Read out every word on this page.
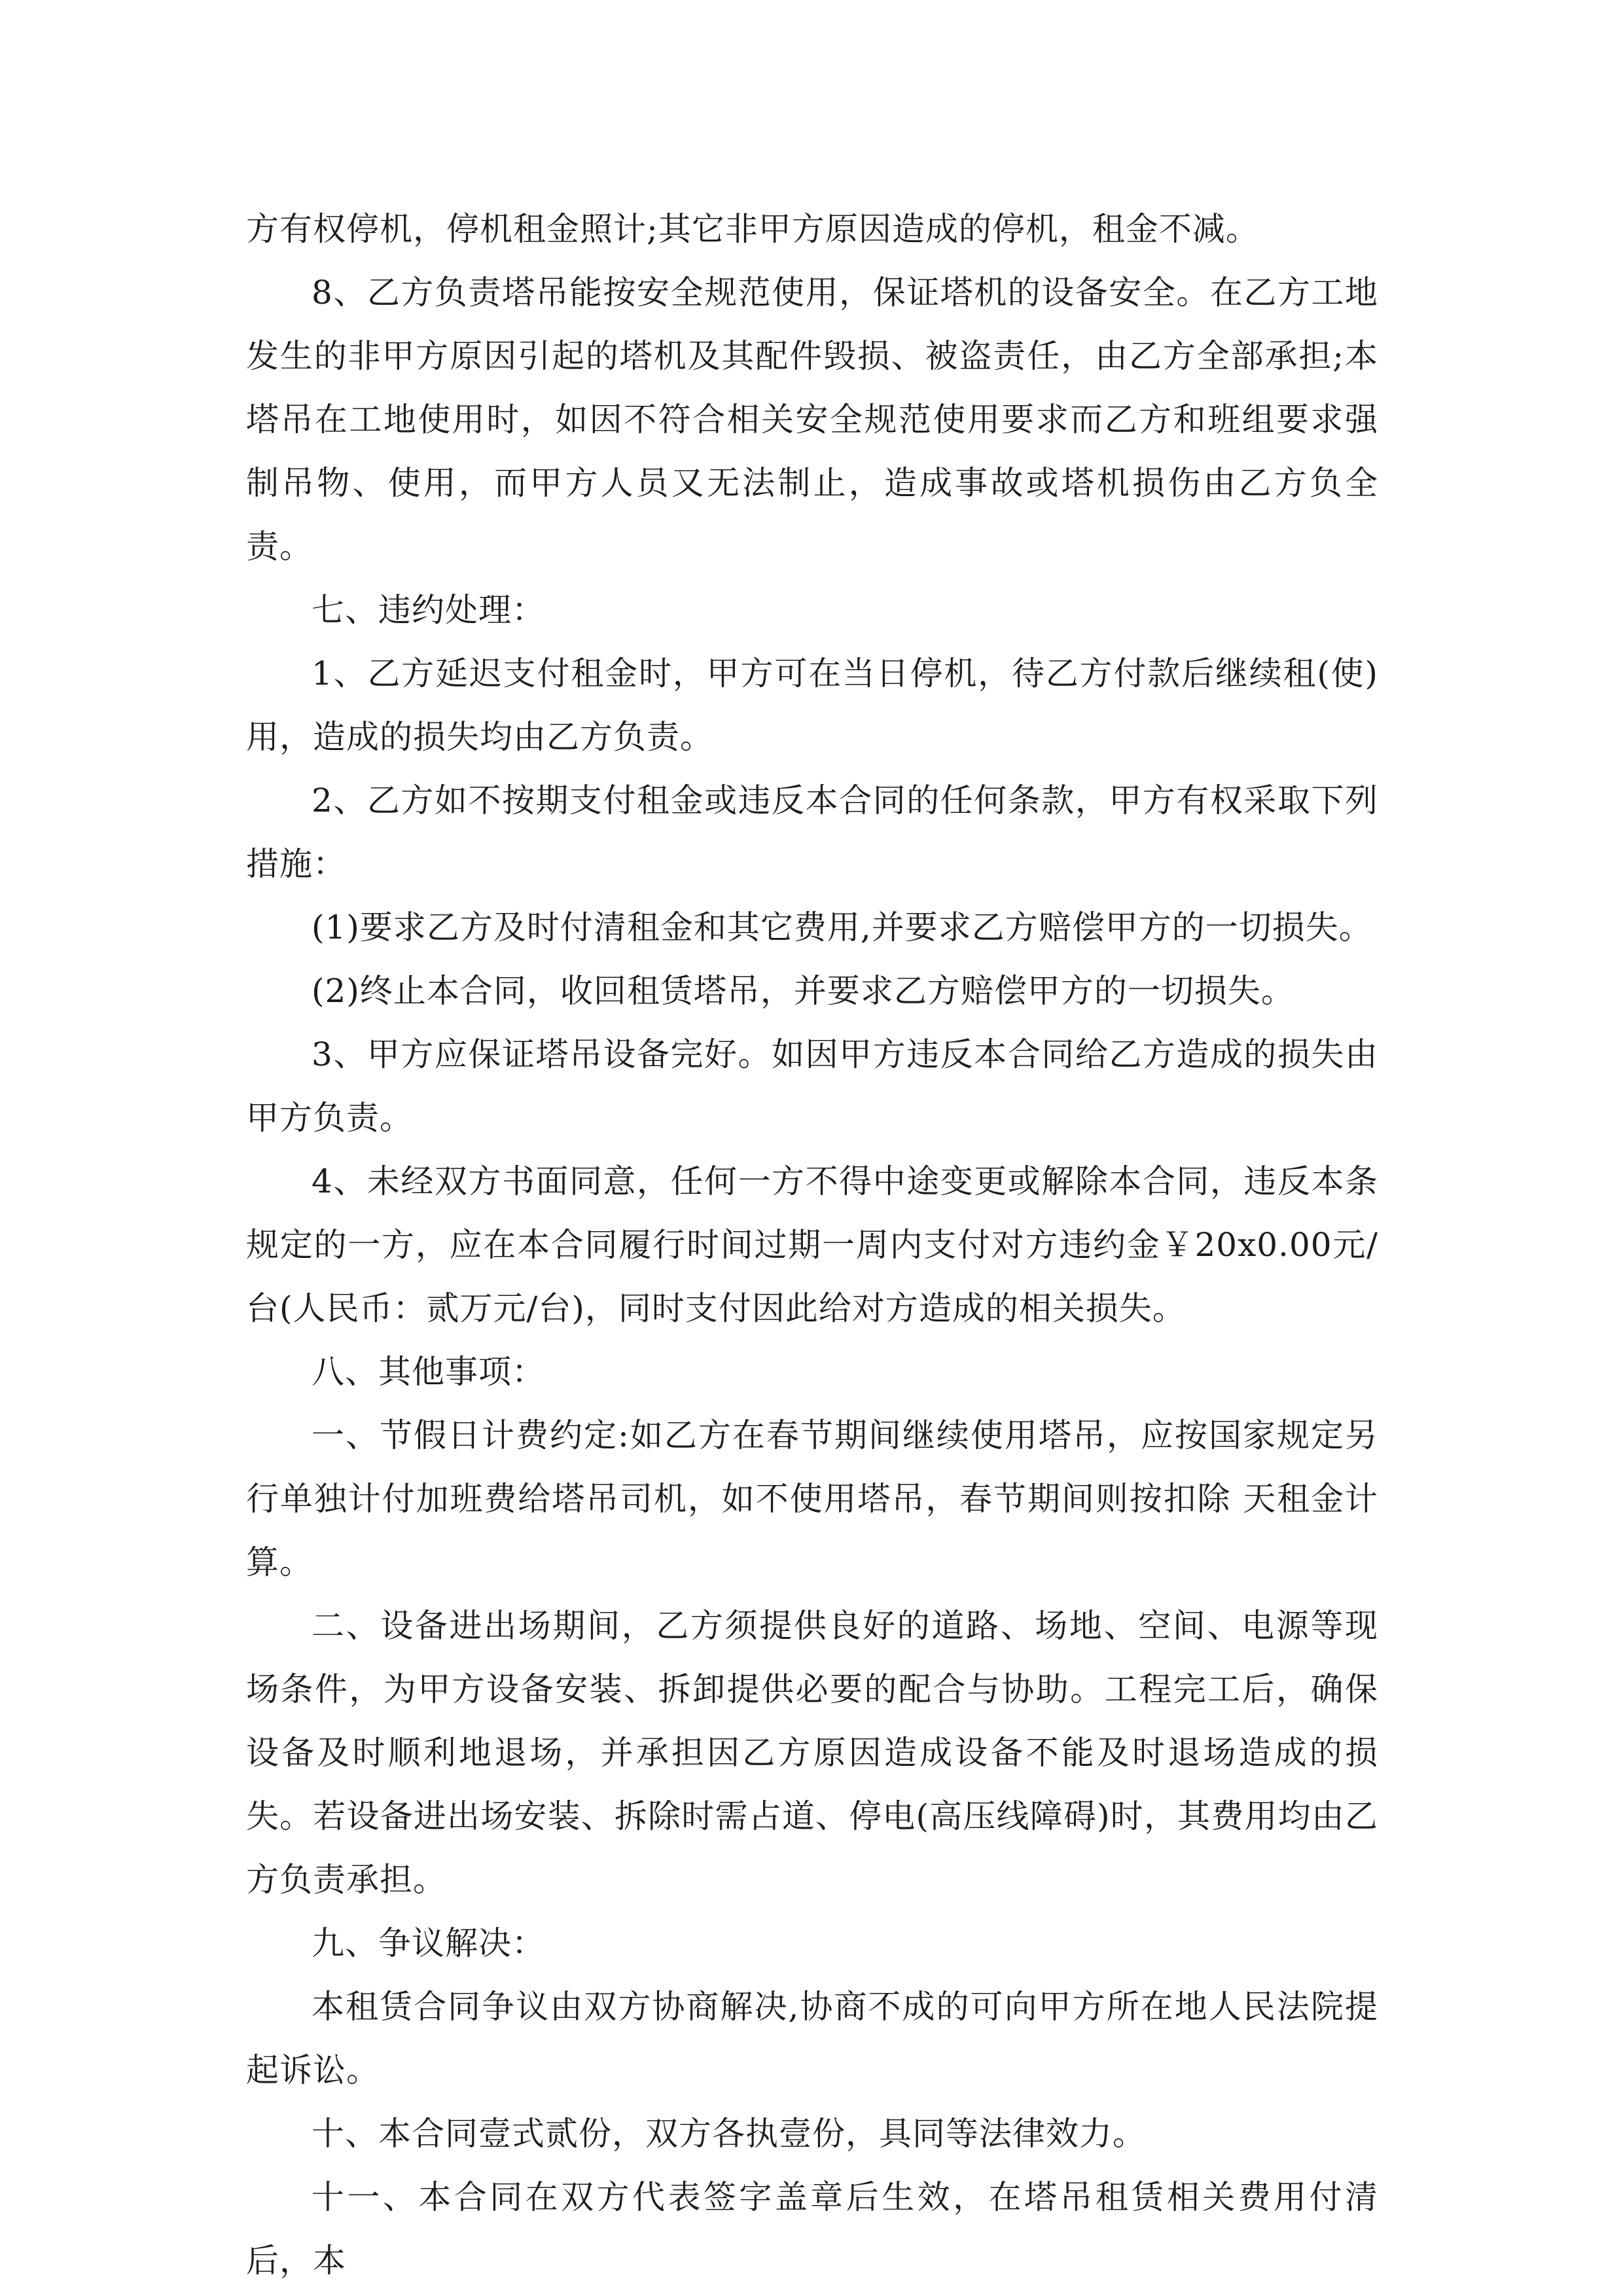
方有权停机，停机租金照计;其它非甲方原因造成的停机，租金不减。

8、乙方负责塔吊能按安全规范使用，保证塔机的设备安全。在乙方工地发生的非甲方原因引起的塔机及其配件毁损、被盗责任，由乙方全部承担;本塔吊在工地使用时，如因不符合相关安全规范使用要求而乙方和班组要求强制吊物、使用，而甲方人员又无法制止，造成事故或塔机损伤由乙方负全责。

七、违约处理：

1、乙方延迟支付租金时，甲方可在当日停机，待乙方付款后继续租(使)用，造成的损失均由乙方负责。

2、乙方如不按期支付租金或违反本合同的任何条款，甲方有权采取下列措施：

(1)要求乙方及时付清租金和其它费用,并要求乙方赔偿甲方的一切损失。

(2)终止本合同，收回租赁塔吊，并要求乙方赔偿甲方的一切损失。

3、甲方应保证塔吊设备完好。如因甲方违反本合同给乙方造成的损失由甲方负责。

4、未经双方书面同意，任何一方不得中途变更或解除本合同，违反本条规定的一方，应在本合同履行时间过期一周内支付对方违约金￥20x0.00元/台(人民币：贰万元/台)，同时支付因此给对方造成的相关损失。

八、其他事项：

一、节假日计费约定:如乙方在春节期间继续使用塔吊，应按国家规定另行单独计付加班费给塔吊司机，如不使用塔吊，春节期间则按扣除 天租金计算。

二、设备进出场期间，乙方须提供良好的道路、场地、空间、电源等现场条件，为甲方设备安装、拆卸提供必要的配合与协助。工程完工后，确保设备及时顺利地退场，并承担因乙方原因造成设备不能及时退场造成的损失。若设备进出场安装、拆除时需占道、停电(高压线障碍)时，其费用均由乙方负责承担。

九、争议解决：

本租赁合同争议由双方协商解决,协商不成的可向甲方所在地人民法院提起诉讼。

十、本合同壹式贰份，双方各执壹份，具同等法律效力。

十一、本合同在双方代表签字盖章后生效，在塔吊租赁相关费用付清后，本
